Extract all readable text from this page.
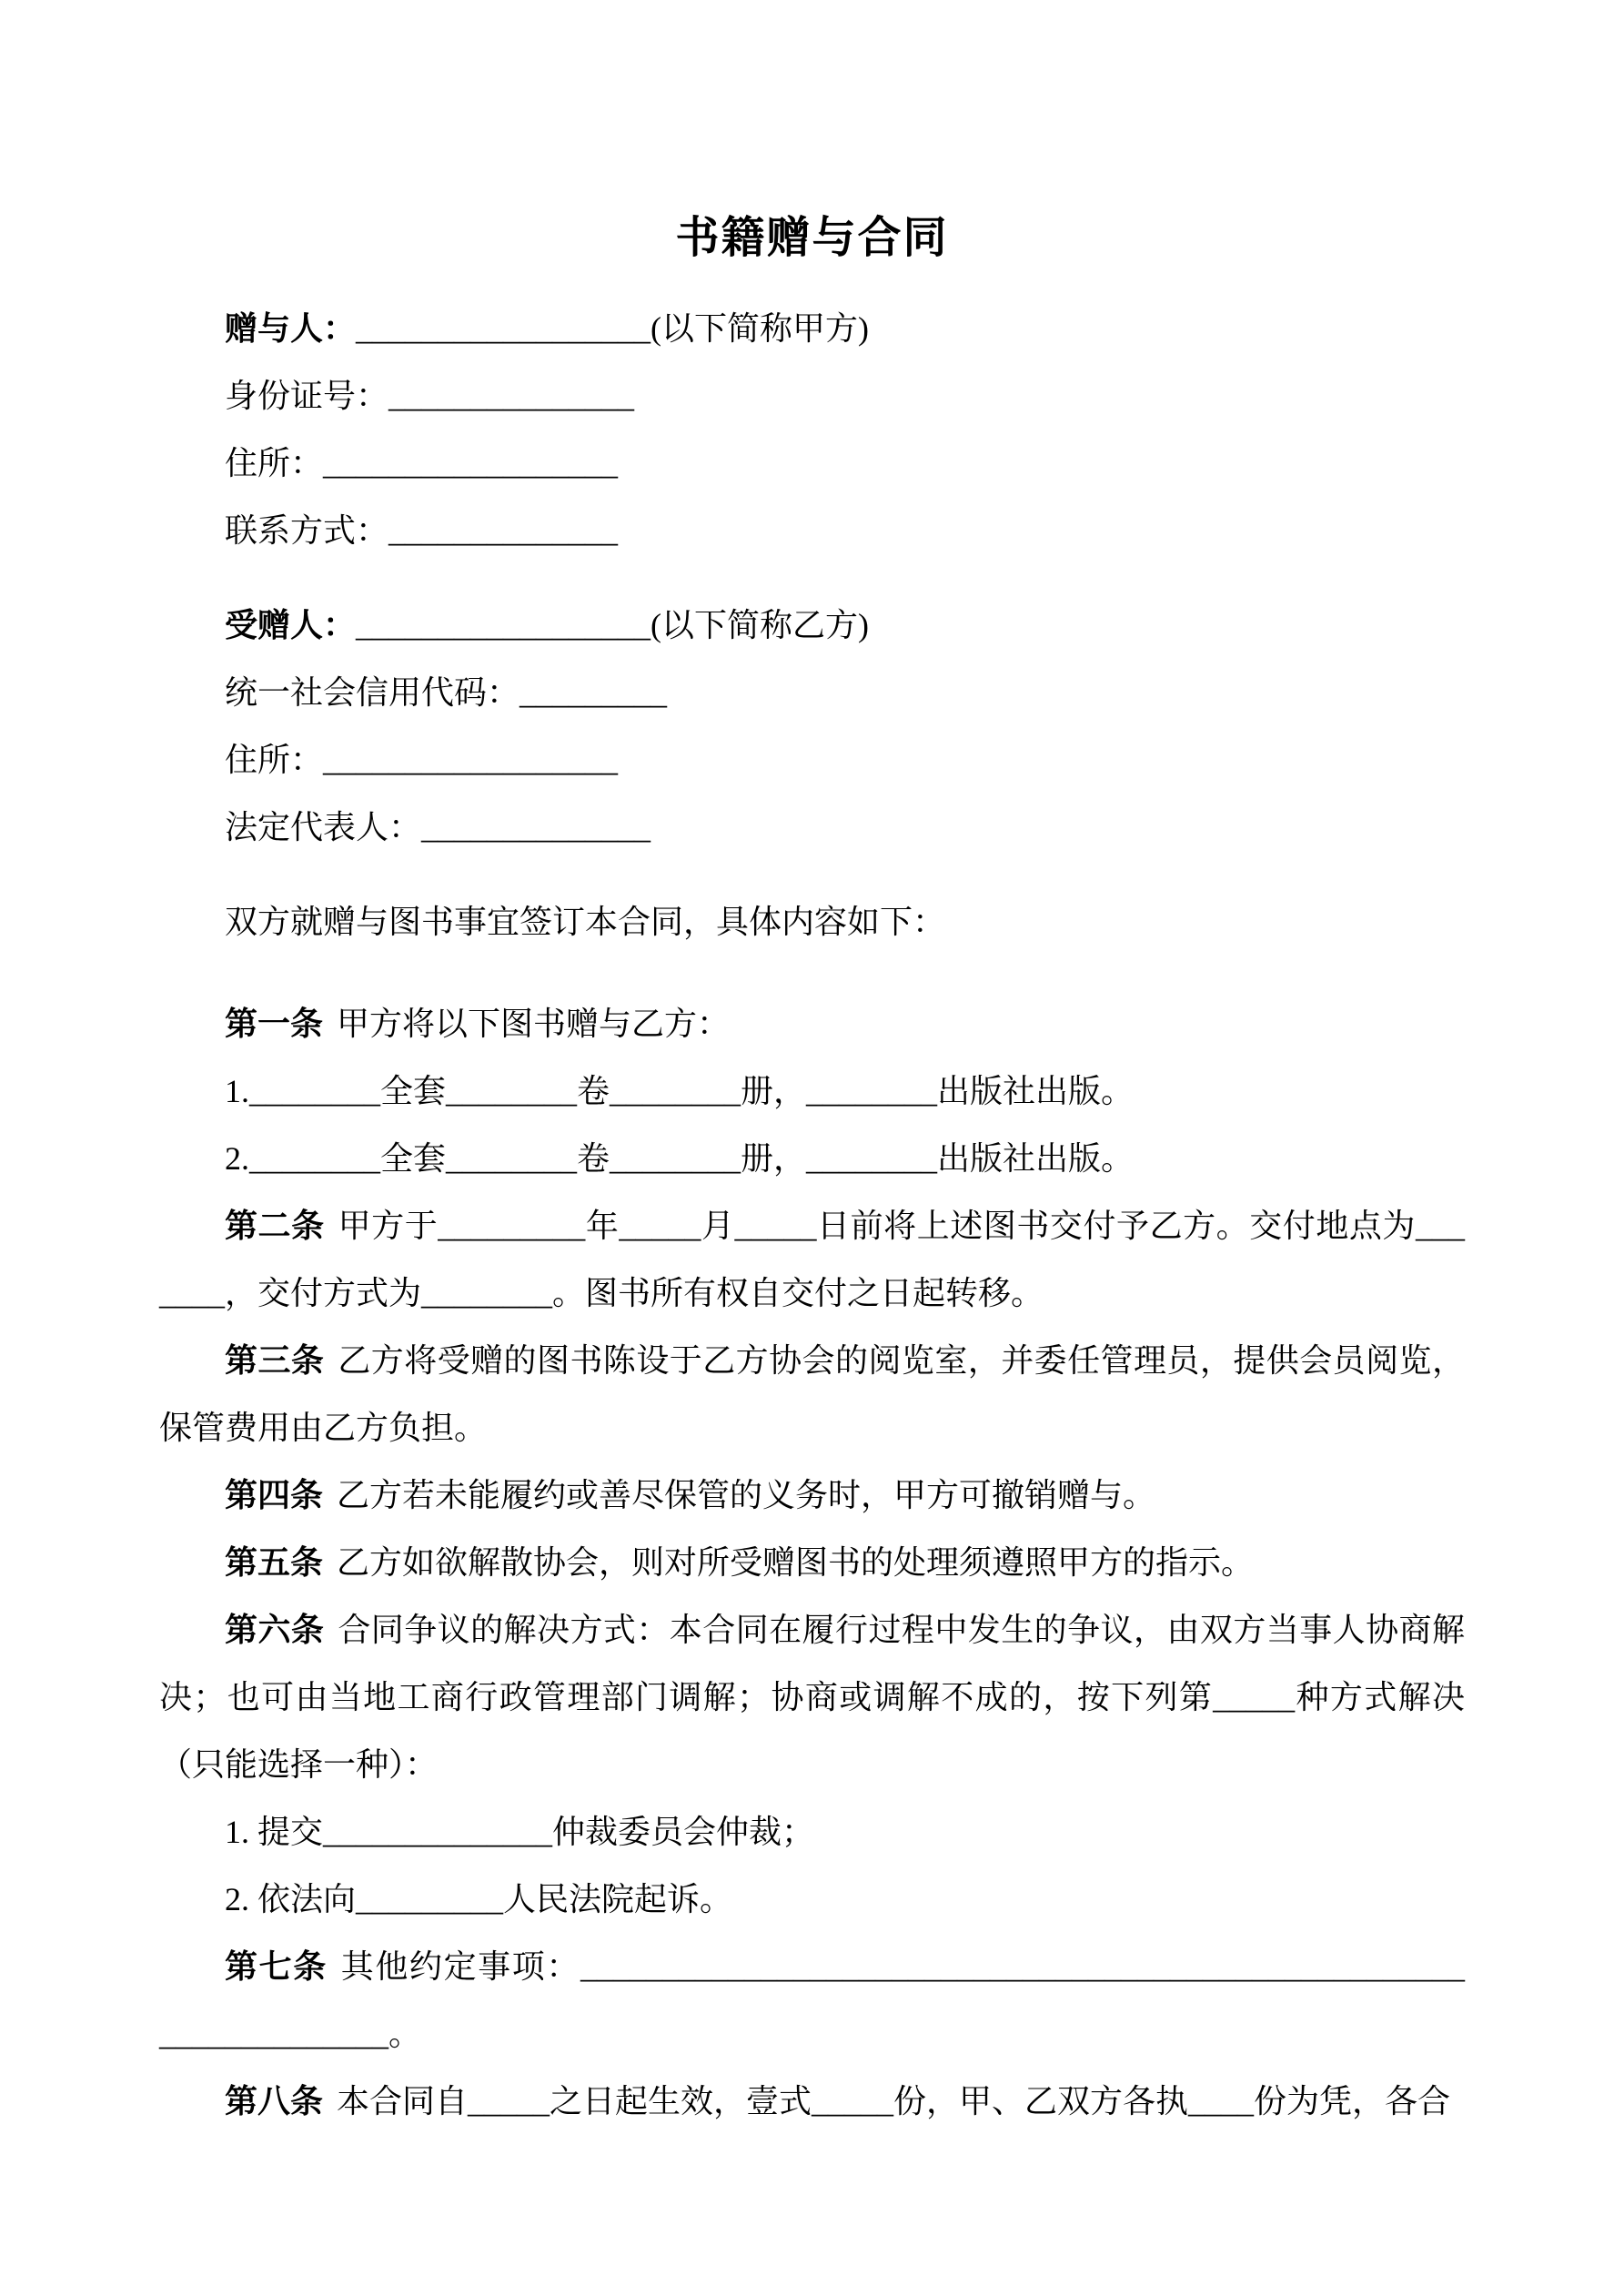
书籍赠与合同

赠与人：__________________(以下简称甲方)

身份证号：_______________

住所：__________________

联系方式：______________

受赠人：__________________(以下简称乙方)

统一社会信用代码：_________

住所：__________________

法定代表人：______________

双方就赠与图书事宜签订本合同，具体内容如下：

第一条 甲方将以下图书赠与乙方：

1.________全套________卷________册，________出版社出版。

2.________全套________卷________册，________出版社出版。

第二条 甲方于_________年_____月_____日前将上述图书交付予乙方。交付地点为_______，交付方式为________。图书所有权自交付之日起转移。

第三条 乙方将受赠的图书陈设于乙方协会的阅览室，并委任管理员，提供会员阅览，保管费用由乙方负担。

第四条 乙方若未能履约或善尽保管的义务时，甲方可撤销赠与。

第五条 乙方如欲解散协会，则对所受赠图书的处理须遵照甲方的指示。

第六条 合同争议的解决方式：本合同在履行过程中发生的争议，由双方当事人协商解决；也可由当地工商行政管理部门调解；协商或调解不成的，按下列第_____种方式解决（只能选择一种）：

1. 提交______________仲裁委员会仲裁；

2. 依法向_________人民法院起诉。

第七条 其他约定事项：____________________________________________________________________。

第八条 本合同自_____之日起生效，壹式_____份，甲、乙双方各执____份为凭，各合
